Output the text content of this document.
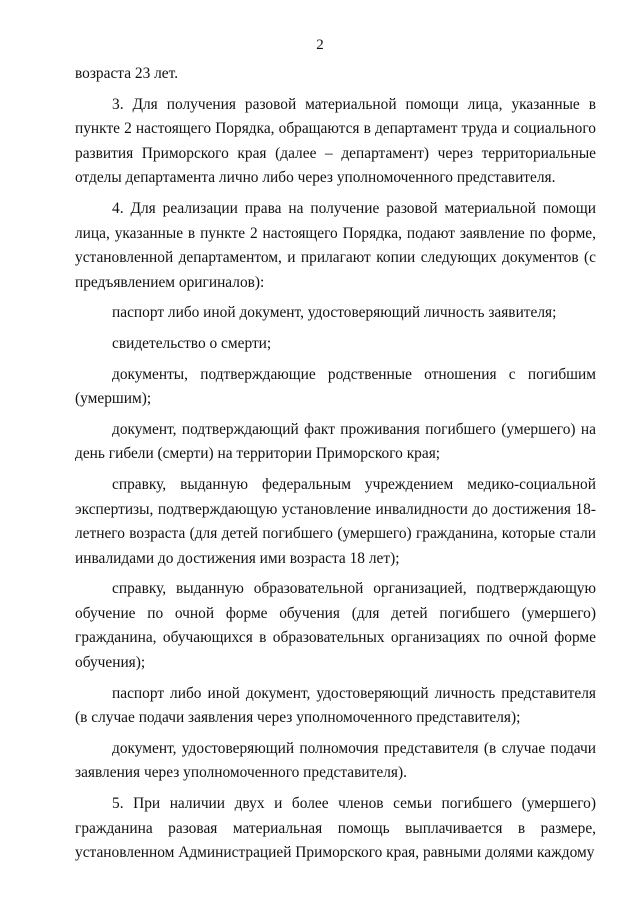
2

возраста 23 лет.

3. Для получения разовой материальной помощи лица, указанные в пункте 2 настоящего Порядка, обращаются в департамент труда и социального развития Приморского края (далее – департамент) через территориальные отделы департамента лично либо через уполномоченного представителя.

4. Для реализации права на получение разовой материальной помощи лица, указанные в пункте 2 настоящего Порядка, подают заявление по форме, установленной департаментом, и прилагают копии следующих документов (с предъявлением оригиналов):

паспорт либо иной документ, удостоверяющий личность заявителя;

свидетельство о смерти;

документы, подтверждающие родственные отношения с погибшим (умершим);

документ, подтверждающий факт проживания погибшего (умершего) на день гибели (смерти) на территории Приморского края;

справку, выданную федеральным учреждением медико-социальной экспертизы, подтверждающую установление инвалидности до достижения 18-летнего возраста (для детей погибшего (умершего) гражданина, которые стали инвалидами до достижения ими возраста 18 лет);

справку, выданную образовательной организацией, подтверждающую обучение по очной форме обучения (для детей погибшего (умершего) гражданина, обучающихся в образовательных организациях по очной форме обучения);

паспорт либо иной документ, удостоверяющий личность представителя (в случае подачи заявления через уполномоченного представителя);

документ, удостоверяющий полномочия представителя (в случае подачи заявления через уполномоченного представителя).

5. При наличии двух и более членов семьи погибшего (умершего) гражданина разовая материальная помощь выплачивается в размере, установленном Администрацией Приморского края, равными долями каждому
